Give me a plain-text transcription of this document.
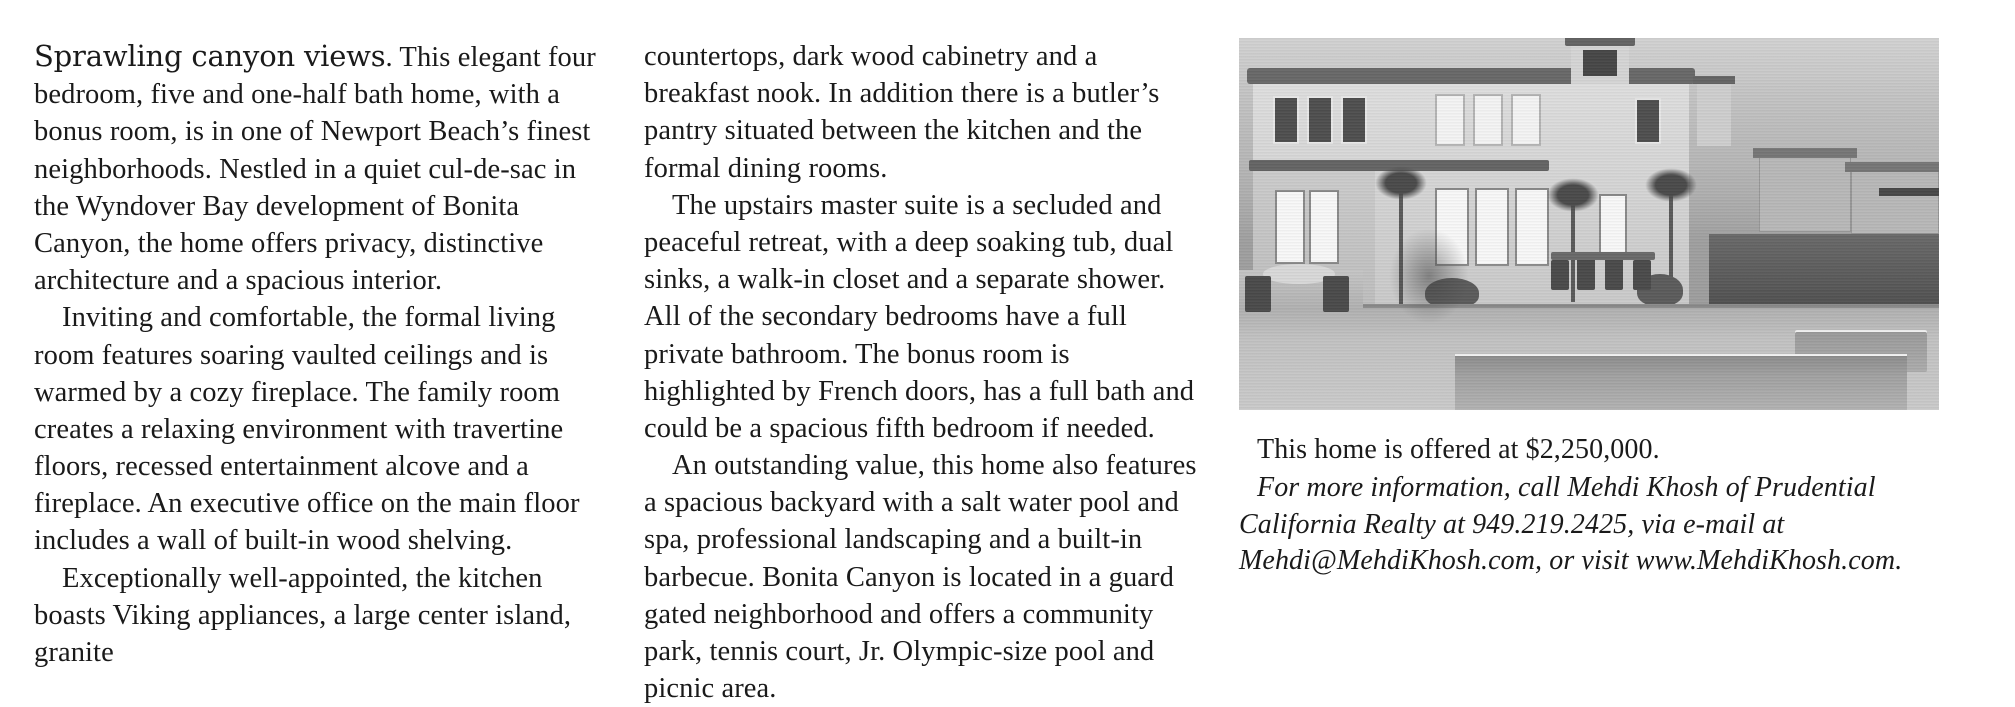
Sprawling canyon views. This elegant four bedroom, five and one-half bath home, with a bonus room, is in one of Newport Beach’s finest neighborhoods. Nestled in a quiet cul-de-sac in the Wyndover Bay development of Bonita Canyon, the home offers privacy, distinctive architecture and a spacious interior.

Inviting and comfortable, the formal living room features soaring vaulted ceilings and is warmed by a cozy fireplace. The family room creates a relaxing environment with travertine floors, recessed entertainment alcove and a fireplace. An executive office on the main floor includes a wall of built-in wood shelving.

Exceptionally well-appointed, the kitchen boasts Viking appliances, a large center island, granite

countertops, dark wood cabinetry and a breakfast nook. In addition there is a butler’s pantry situated between the kitchen and the formal dining rooms.

The upstairs master suite is a secluded and peaceful retreat, with a deep soaking tub, dual sinks, a walk-in closet and a separate shower. All of the secondary bedrooms have a full private bathroom. The bonus room is highlighted by French doors, has a full bath and could be a spacious fifth bedroom if needed.

An outstanding value, this home also features a spacious backyard with a salt water pool and spa, professional landscaping and a built-in barbecue. Bonita Canyon is located in a guard gated neighborhood and offers a community park, tennis court, Jr. Olympic-size pool and picnic area.

This home is offered at $2,250,000.

For more information, call Mehdi Khosh of Prudential California Realty at 949.219.2425, via e-mail at Mehdi@MehdiKhosh.com, or visit www.MehdiKhosh.com.
